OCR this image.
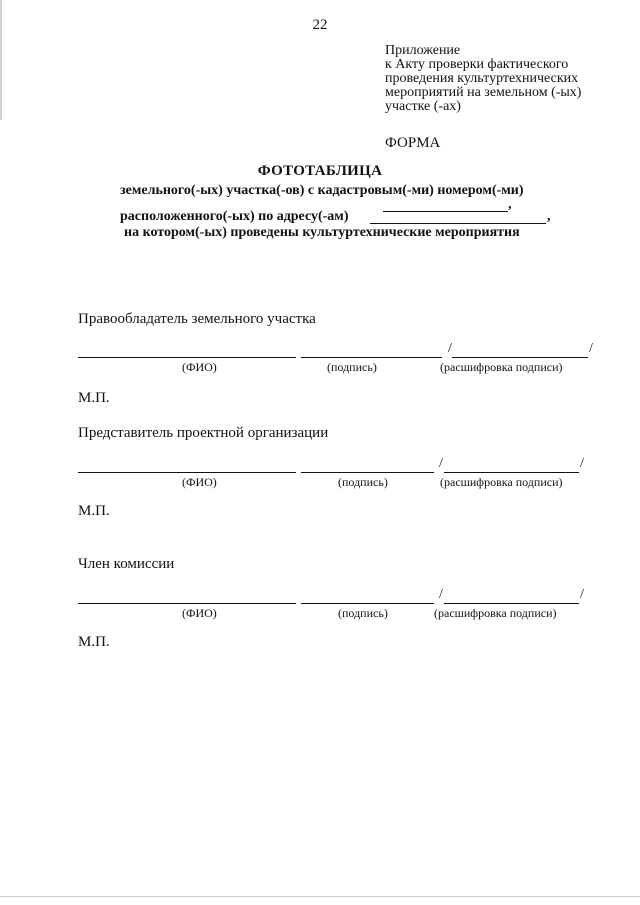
22
Приложение
к Акту проверки фактического
проведения культуртехнических
мероприятий на земельном (-ых)
участке (-ах)
ФОРМА
ФОТОТАБЛИЦА
земельного(-ых) участка(-ов) с кадастровым(-ми) номером(-ми)
расположенного(-ых) по адресу(-ам)
,
,
на котором(-ых) проведены культуртехнические мероприятия
Правообладатель земельного участка
/	/
(ФИО)	(подпись)	(расшифровка подписи)
М.П.
Представитель проектной организации
/	/
(ФИО)	(подпись)	(расшифровка подписи)
М.П.
Член комиссии
/	/
(ФИО)	(подпись)	(расшифровка подписи)
М.П.
